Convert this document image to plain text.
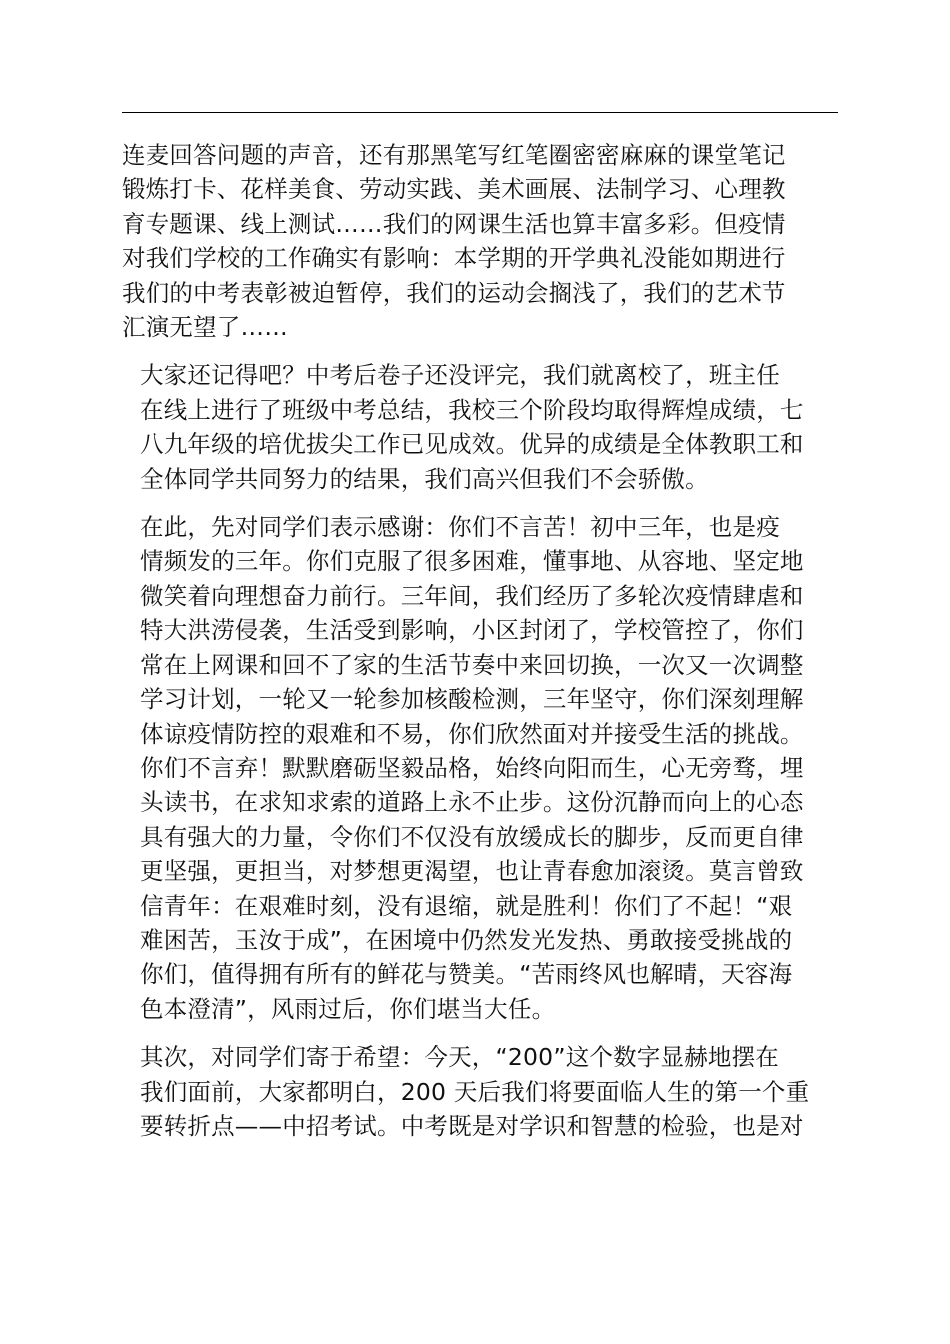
连麦回答问题的声音，还有那黑笔写红笔圈密密麻麻的课堂笔记
锻炼打卡、花样美食、劳动实践、美术画展、法制学习、心理教
育专题课、线上测试……我们的网课生活也算丰富多彩。但疫情
对我们学校的工作确实有影响：本学期的开学典礼没能如期进行
我们的中考表彰被迫暂停，我们的运动会搁浅了，我们的艺术节
汇演无望了……

大家还记得吧？中考后卷子还没评完，我们就离校了，班主任
在线上进行了班级中考总结，我校三个阶段均取得辉煌成绩，七
八九年级的培优拔尖工作已见成效。优异的成绩是全体教职工和
全体同学共同努力的结果，我们高兴但我们不会骄傲。

在此，先对同学们表示感谢：你们不言苦！初中三年，也是疫
情频发的三年。你们克服了很多困难，懂事地、从容地、坚定地
微笑着向理想奋力前行。三年间，我们经历了多轮次疫情肆虐和
特大洪涝侵袭，生活受到影响，小区封闭了，学校管控了，你们
常在上网课和回不了家的生活节奏中来回切换，一次又一次调整
学习计划，一轮又一轮参加核酸检测，三年坚守，你们深刻理解
体谅疫情防控的艰难和不易，你们欣然面对并接受生活的挑战。
你们不言弃！默默磨砺坚毅品格，始终向阳而生，心无旁骛，埋
头读书，在求知求索的道路上永不止步。这份沉静而向上的心态
具有强大的力量，令你们不仅没有放缓成长的脚步，反而更自律
更坚强，更担当，对梦想更渴望，也让青春愈加滚烫。莫言曾致
信青年：在艰难时刻，没有退缩，就是胜利！你们了不起！“艰
难困苦，玉汝于成”，在困境中仍然发光发热、勇敢接受挑战的
你们，值得拥有所有的鲜花与赞美。“苦雨终风也解晴，天容海
色本澄清”，风雨过后，你们堪当大任。

其次，对同学们寄于希望：今天，“200”这个数字显赫地摆在
我们面前，大家都明白，200 天后我们将要面临人生的第一个重
要转折点——中招考试。中考既是对学识和智慧的检验，也是对
